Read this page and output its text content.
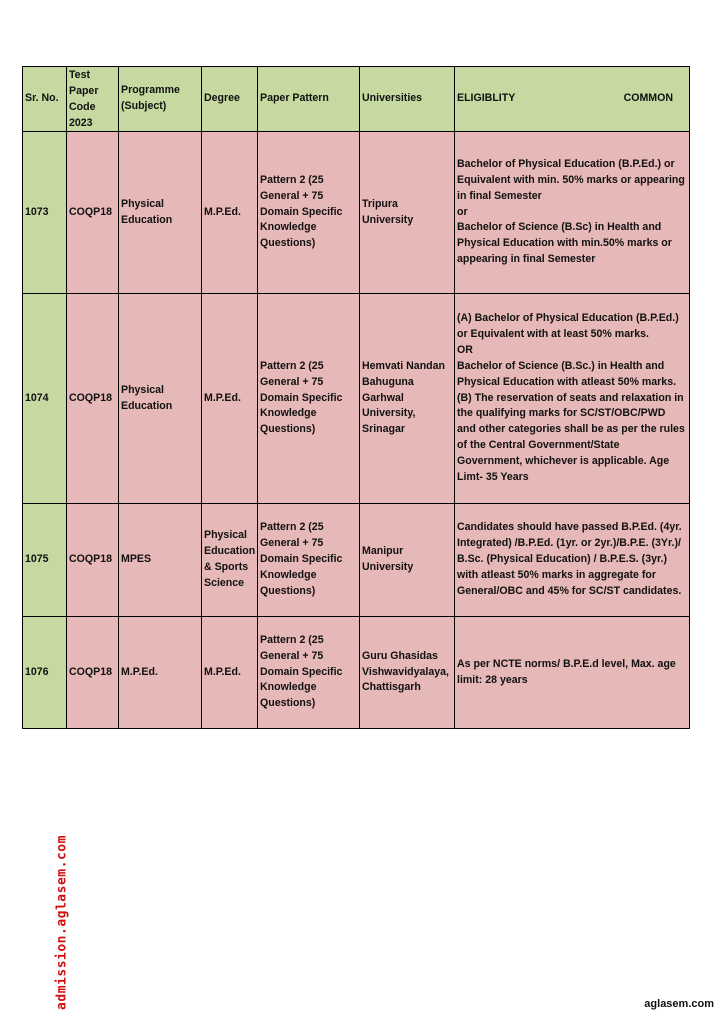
Sr. No.	Test Paper Code 2023	Programme (Subject)	Degree	Paper Pattern	Universities	ELIGIBLITY COMMON

1073	COQP18	Physical Education	M.P.Ed.	Pattern 2 (25 General + 75 Domain Specific Knowledge Questions)	Tripura University	Bachelor of Physical Education (B.P.Ed.) or Equivalent with min. 50% marks or appearing in final Semester
or
Bachelor of Science (B.Sc) in Health and Physical Education with min.50% marks or appearing in final Semester
1074	COQP18	Physical Education	M.P.Ed.	Pattern 2 (25 General + 75 Domain Specific Knowledge Questions)	Hemvati Nandan Bahuguna Garhwal University, Srinagar	(A) Bachelor of Physical Education (B.P.Ed.) or Equivalent with at least 50% marks.
OR
Bachelor of Science (B.Sc.) in Health and Physical Education with atleast 50% marks. (B) The reservation of seats and relaxation in the qualifying marks for SC/ST/OBC/PWD and other categories shall be as per the rules of the Central Government/State Government, whichever is applicable. Age Limt- 35 Years
1075	COQP18	MPES	Physical Education & Sports Science	Pattern 2 (25 General + 75 Domain Specific Knowledge Questions)	Manipur University	Candidates should have passed B.P.Ed. (4yr. Integrated) /B.P.Ed. (1yr. or 2yr.)/B.P.E. (3Yr.)/ B.Sc. (Physical Education) / B.P.E.S. (3yr.) with atleast 50% marks in aggregate for General/OBC and 45% for SC/ST candidates.
1076	COQP18	M.P.Ed.	M.P.Ed.	Pattern 2 (25 General + 75 Domain Specific Knowledge Questions)	Guru Ghasidas Vishwavidyalaya, Chattisgarh	As per NCTE norms/ B.P.E.d level, Max. age limit: 28 years
admission.aglasem.com	aglasem.com
